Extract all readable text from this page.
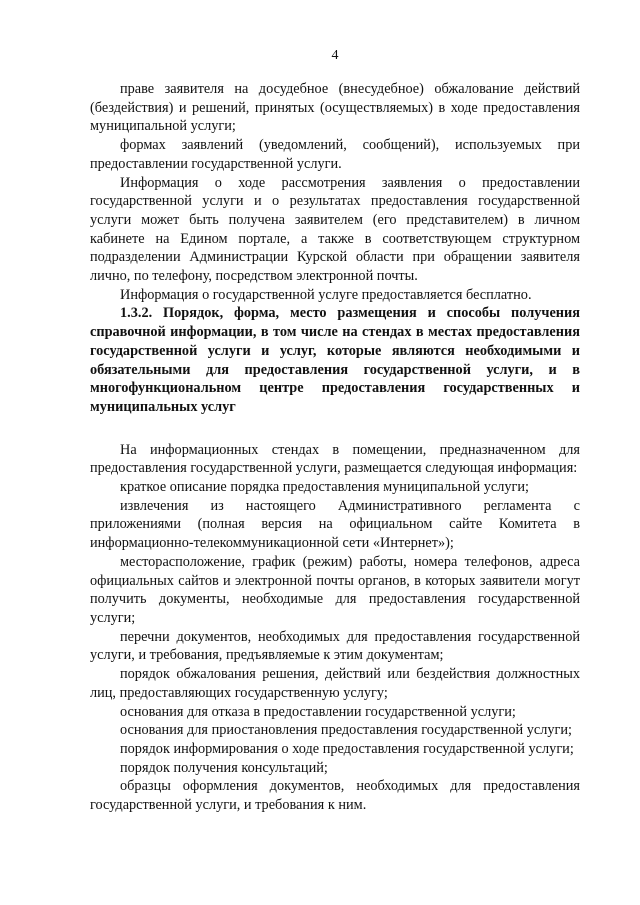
4

праве заявителя на досудебное (внесудебное) обжалование действий (бездействия) и решений, принятых (осуществляемых) в ходе предоставления муниципальной услуги;

формах заявлений (уведомлений, сообщений), используемых при предоставлении государственной услуги.

Информация о ходе рассмотрения заявления о предоставлении государственной услуги и о результатах предоставления государственной услуги может быть получена заявителем (его представителем) в личном кабинете на Едином портале, а также в соответствующем структурном подразделении Администрации Курской области при обращении заявителя лично, по телефону, посредством электронной почты.

Информация о государственной услуге предоставляется бесплатно.

1.3.2. Порядок, форма, место размещения и способы получения справочной информации, в том числе на стендах в местах предоставления государственной услуги и услуг, которые являются необходимыми и обязательными для предоставления государственной услуги, и в многофункциональном центре предоставления государственных и муниципальных услуг

На информационных стендах в помещении, предназначенном для предоставления государственной услуги, размещается следующая информация:

краткое описание порядка предоставления муниципальной услуги;

извлечения из настоящего Административного регламента с приложениями (полная версия на официальном сайте Комитета в информационно-телекоммуникационной сети «Интернет»);

месторасположение, график (режим) работы, номера телефонов, адреса официальных сайтов и электронной почты органов, в которых заявители могут получить документы, необходимые для предоставления государственной услуги;

перечни документов, необходимых для предоставления государственной услуги, и требования, предъявляемые к этим документам;

порядок обжалования решения, действий или бездействия должностных лиц, предоставляющих государственную услугу;

основания для отказа в предоставлении государственной услуги;

основания для приостановления предоставления государственной услуги;

порядок информирования о ходе предоставления государственной услуги;

порядок получения консультаций;

образцы оформления документов, необходимых для предоставления государственной услуги, и требования к ним.
